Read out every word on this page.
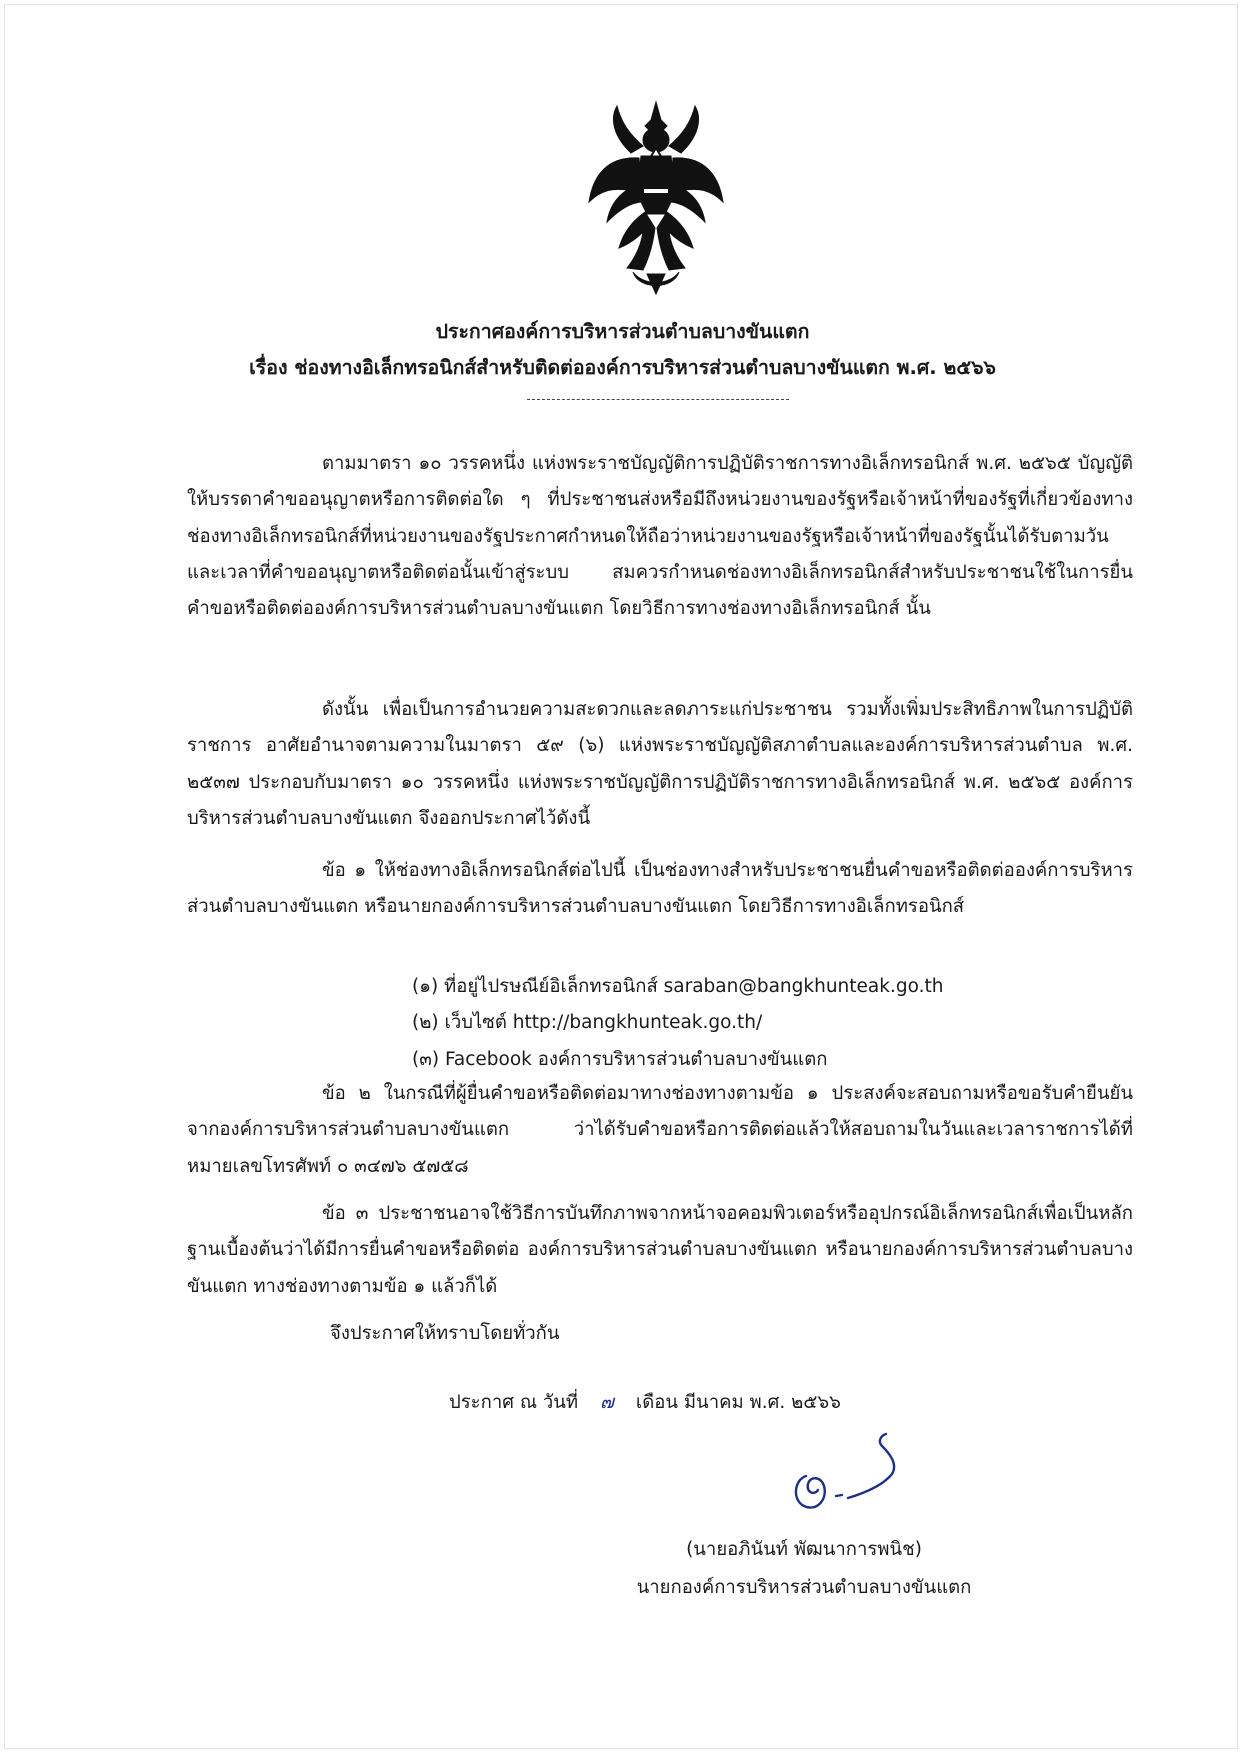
ประกาศองค์การบริหารส่วนตำบลบางขันแตก
เรื่อง ช่องทางอิเล็กทรอนิกส์สำหรับติดต่อองค์การบริหารส่วนตำบลบางขันแตก พ.ศ. ๒๕๖๖

ตามมาตรา ๑๐ วรรคหนึ่ง แห่งพระราชบัญญัติการปฏิบัติราชการทางอิเล็กทรอนิกส์ พ.ศ. ๒๕๖๕ บัญญัติให้บรรดาคำขออนุญาตหรือการติดต่อใด ๆ ที่ประชาชนส่งหรือมีถึงหน่วยงานของรัฐหรือเจ้าหน้าที่ของรัฐที่เกี่ยวข้องทางช่องทางอิเล็กทรอนิกส์ที่หน่วยงานของรัฐประกาศกำหนดให้ถือว่าหน่วยงานของรัฐหรือเจ้าหน้าที่ของรัฐนั้นได้รับตามวันและเวลาที่คำขออนุญาตหรือติดต่อนั้นเข้าสู่ระบบ สมควรกำหนดช่องทางอิเล็กทรอนิกส์สำหรับประชาชนใช้ในการยื่นคำขอหรือติดต่อองค์การบริหารส่วนตำบลบางขันแตก โดยวิธีการทางช่องทางอิเล็กทรอนิกส์ นั้น

ดังนั้น เพื่อเป็นการอำนวยความสะดวกและลดภาระแก่ประชาชน รวมทั้งเพิ่มประสิทธิภาพในการปฏิบัติราชการ อาศัยอำนาจตามความในมาตรา ๕๙ (๖) แห่งพระราชบัญญัติสภาตำบลและองค์การบริหารส่วนตำบล พ.ศ. ๒๕๓๗ ประกอบกับมาตรา ๑๐ วรรคหนึ่ง แห่งพระราชบัญญัติการปฏิบัติราชการทางอิเล็กทรอนิกส์ พ.ศ. ๒๕๖๕ องค์การบริหารส่วนตำบลบางขันแตก จึงออกประกาศไว้ดังนี้

ข้อ ๑ ให้ช่องทางอิเล็กทรอนิกส์ต่อไปนี้ เป็นช่องทางสำหรับประชาชนยื่นคำขอหรือติดต่อองค์การบริหารส่วนตำบลบางขันแตก หรือนายกองค์การบริหารส่วนตำบลบางขันแตก โดยวิธีการทางอิเล็กทรอนิกส์

(๑) ที่อยู่ไปรษณีย์อิเล็กทรอนิกส์ saraban@bangkhunteak.go.th
(๒) เว็บไซต์ http://bangkhunteak.go.th/
(๓) Facebook องค์การบริหารส่วนตำบลบางขันแตก

ข้อ ๒ ในกรณีที่ผู้ยื่นคำขอหรือติดต่อมาทางช่องทางตามข้อ ๑ ประสงค์จะสอบถามหรือขอรับคำยืนยันจากองค์การบริหารส่วนตำบลบางขันแตก ว่าได้รับคำขอหรือการติดต่อแล้วให้สอบถามในวันและเวลาราชการได้ที่ หมายเลขโทรศัพท์ ๐ ๓๔๗๖ ๕๗๕๘

ข้อ ๓ ประชาชนอาจใช้วิธีการบันทึกภาพจากหน้าจอคอมพิวเตอร์หรืออุปกรณ์อิเล็กทรอนิกส์เพื่อเป็นหลักฐานเบื้องต้นว่าได้มีการยื่นคำขอหรือติดต่อ องค์การบริหารส่วนตำบลบางขันแตก หรือนายกองค์การบริหารส่วนตำบลบางขันแตก ทางช่องทางตามข้อ ๑ แล้วก็ได้

จึงประกาศให้ทราบโดยทั่วกัน
ประกาศ ณ วันที่ ๗ เดือน มีนาคม พ.ศ. ๒๕๖๖
(นายอภินันท์ พัฒนาการพนิช)
นายกองค์การบริหารส่วนตำบลบางขันแตก
